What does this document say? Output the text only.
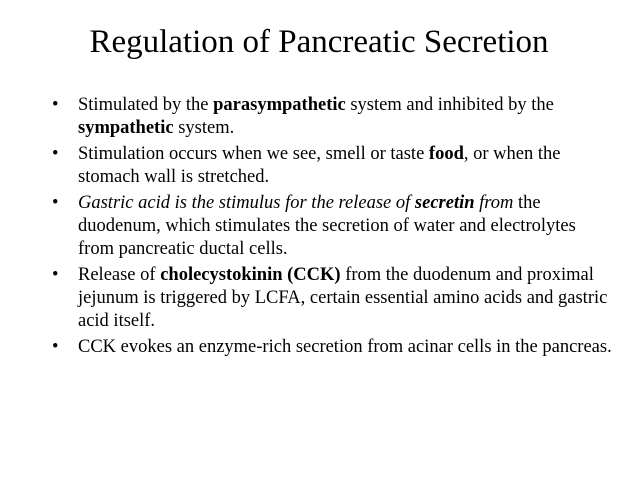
Regulation of Pancreatic Secretion
• Stimulated by the parasympathetic system and inhibited by the sympathetic system.
• Stimulation occurs when we see, smell or taste food, or when the stomach wall is stretched.
• Gastric acid is the stimulus for the release of secretin from the duodenum, which stimulates the secretion of water and electrolytes from pancreatic ductal cells.
• Release of cholecystokinin (CCK) from the duodenum and proximal jejunum is triggered by LCFA, certain essential amino acids and gastric acid itself.
• CCK evokes an enzyme-rich secretion from acinar cells in the pancreas.
